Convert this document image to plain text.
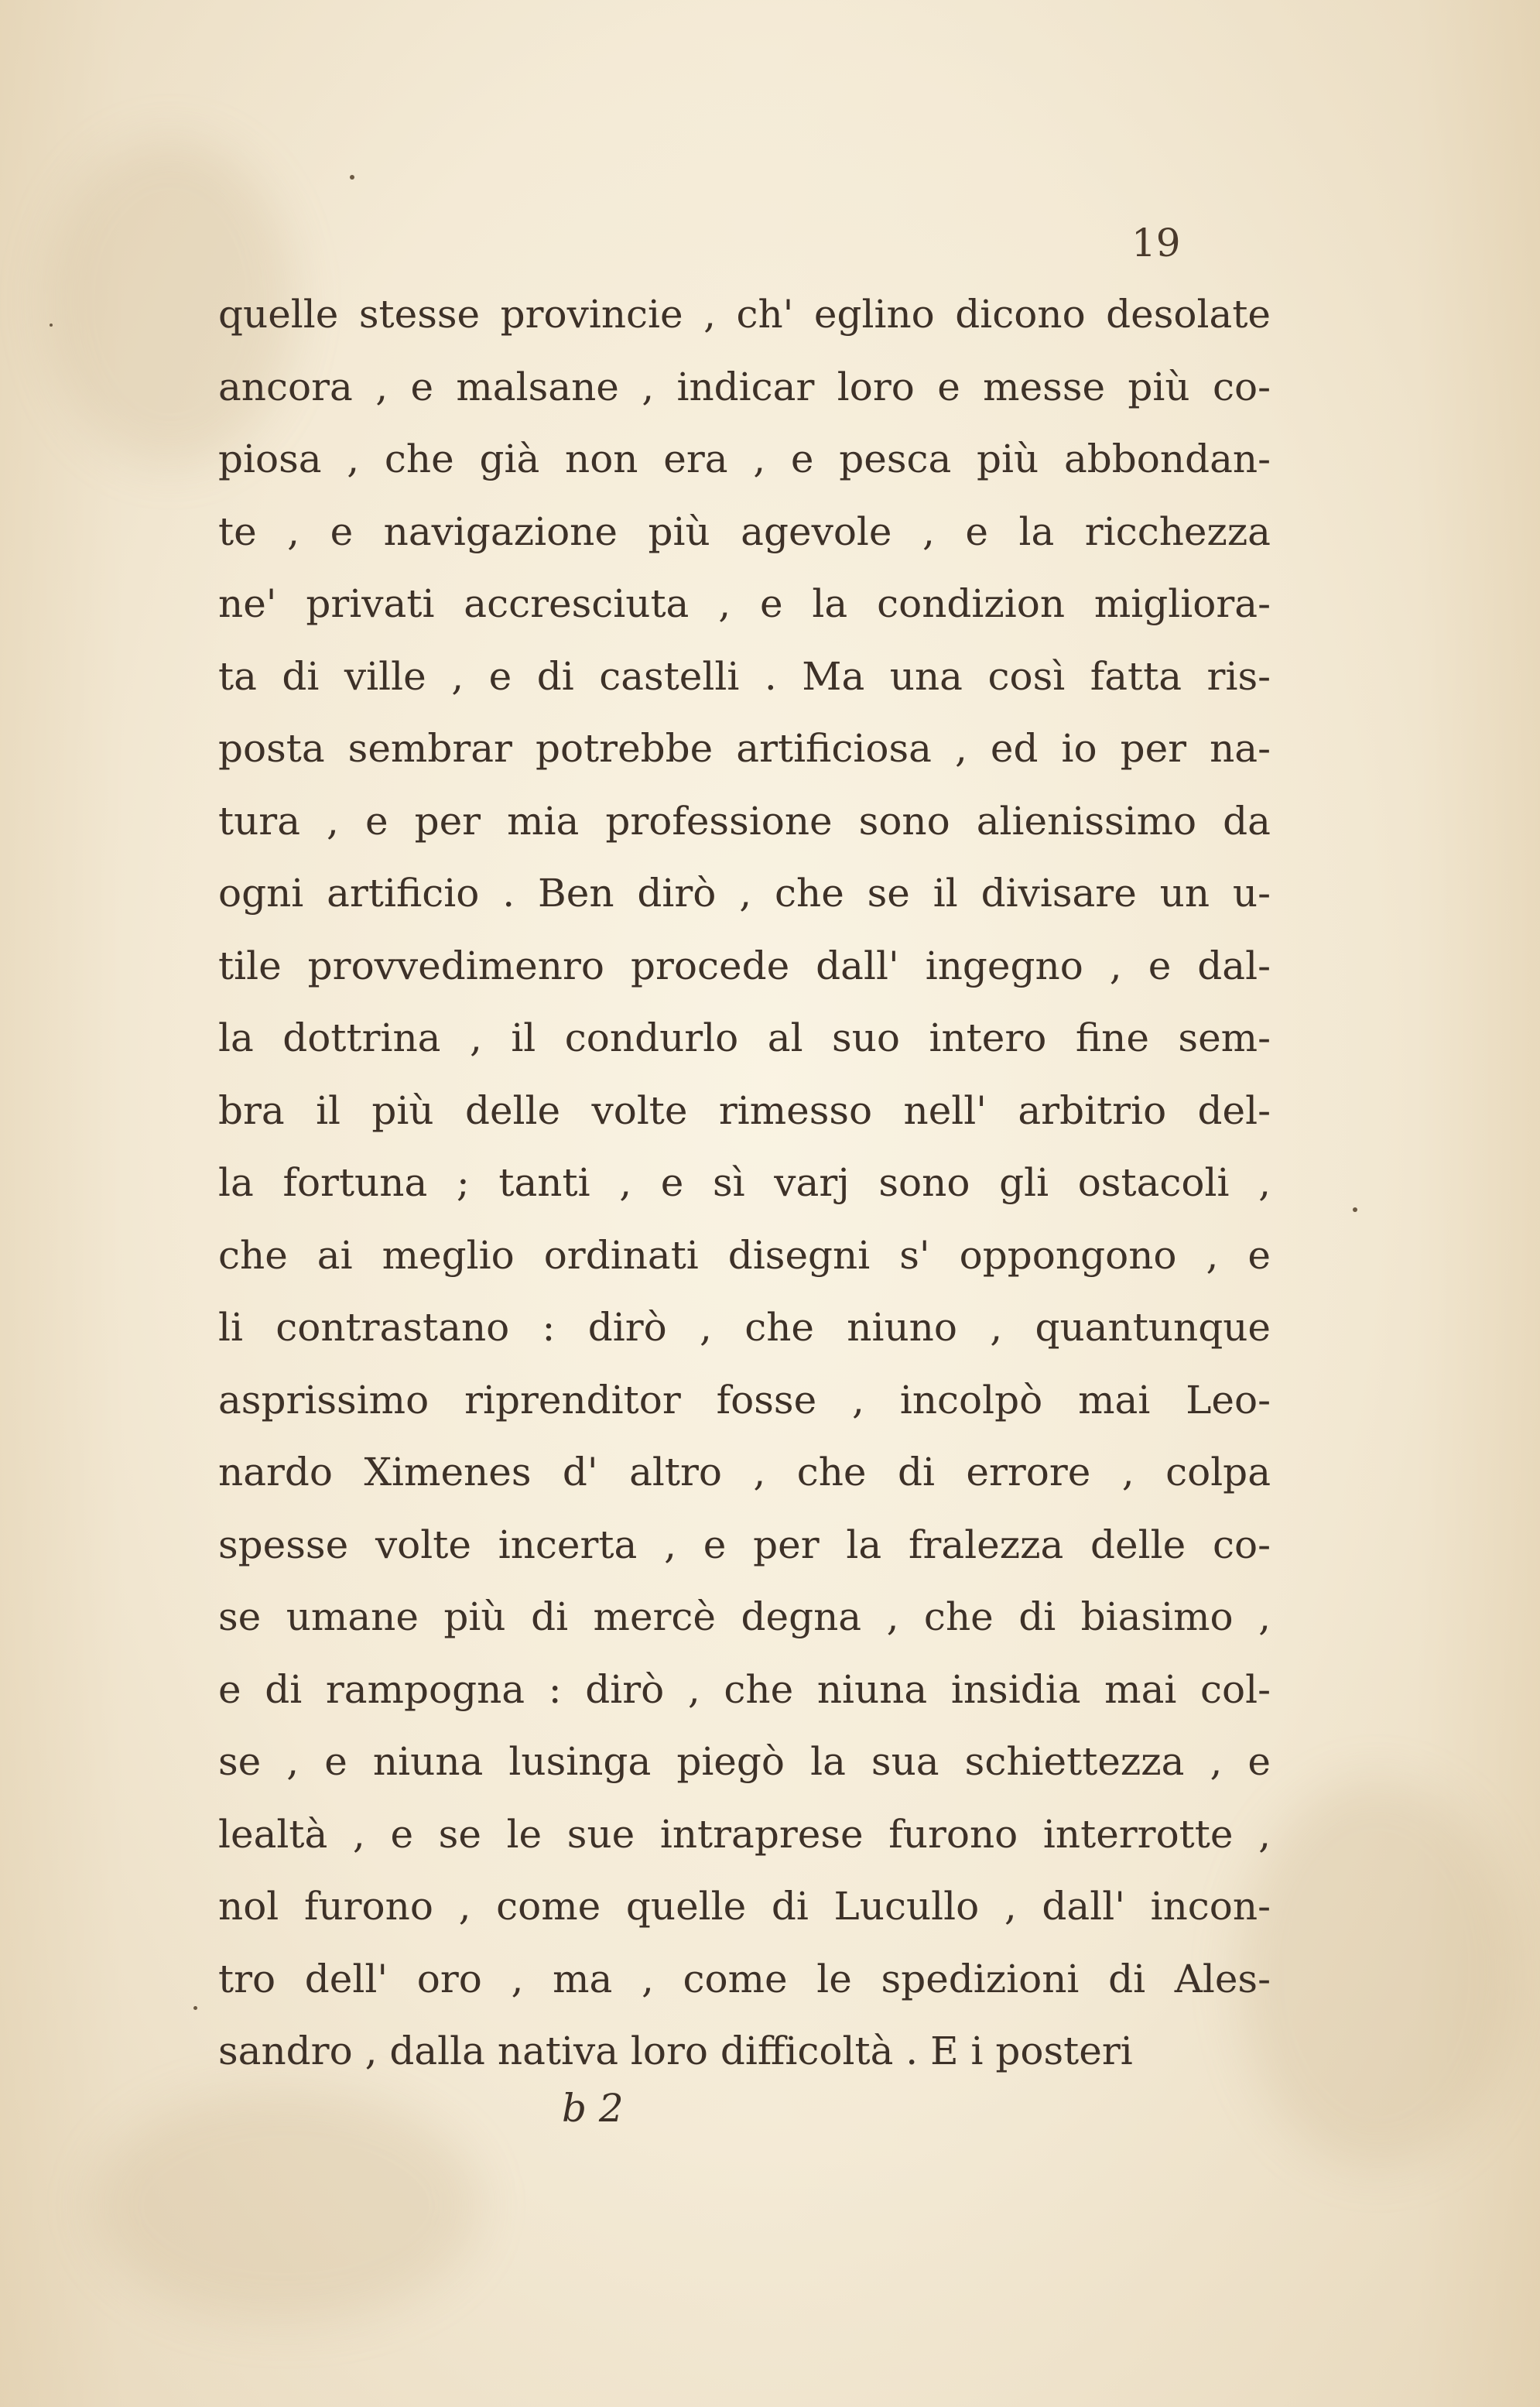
19
quelle stesse provincie , ch' eglino dicono desolate
ancora , e malsane , indicar loro e messe più co-
piosa , che già non era , e pesca più abbondan-
te , e navigazione più agevole , e la ricchezza
ne' privati accresciuta , e la condizion migliora-
ta di ville , e di castelli . Ma una così fatta ris-
posta sembrar potrebbe artificiosa , ed io per na-
tura , e per mia professione sono alienissimo da
ogni artificio . Ben dirò , che se il divisare un u-
tile provvedimenro procede dall' ingegno , e dal-
la dottrina , il condurlo al suo intero fine sem-
bra il più delle volte rimesso nell' arbitrio del-
la fortuna ; tanti , e sì varj sono gli ostacoli ,
che ai meglio ordinati disegni s' oppongono , e
li contrastano : dirò , che niuno , quantunque
asprissimo riprenditor fosse , incolpò mai Leo-
nardo Ximenes d' altro , che di errore , colpa
spesse volte incerta , e per la fralezza delle co-
se umane più di mercè degna , che di biasimo ,
e di rampogna : dirò , che niuna insidia mai col-
se , e niuna lusinga piegò la sua schiettezza , e
lealtà , e se le sue intraprese furono interrotte ,
nol furono , come quelle di Lucullo , dall' incon-
tro dell' oro , ma , come le spedizioni di Ales-
sandro , dalla nativa loro difficoltà . E i posteri
b 2
